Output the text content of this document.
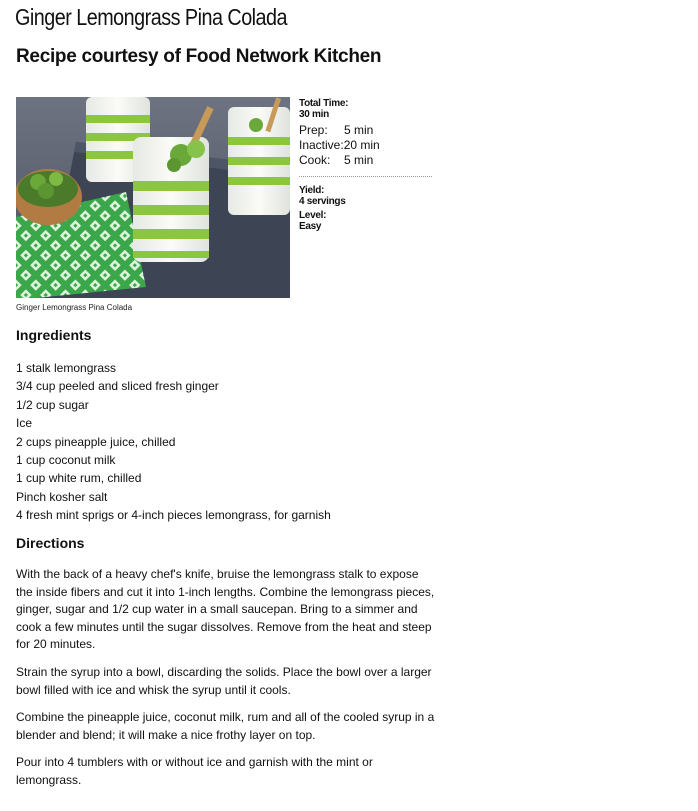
Ginger Lemongrass Pina Colada
Recipe courtesy of Food Network Kitchen
Ginger Lemongrass Pina Colada
Total Time:
30 min
Prep:	5 min
Inactive: 20 min
Cook:	5 min
Yield:
4 servings
Level:
Easy
Ingredients
1 stalk lemongrass
3/4 cup peeled and sliced fresh ginger
1/2 cup sugar
Ice
2 cups pineapple juice, chilled
1 cup coconut milk
1 cup white rum, chilled
Pinch kosher salt
4 fresh mint sprigs or 4-inch pieces lemongrass, for garnish
Directions

With the back of a heavy chef's knife, bruise the lemongrass stalk to expose the inside fibers and cut it into 1-inch lengths. Combine the lemongrass pieces, ginger, sugar and 1/2 cup water in a small saucepan. Bring to a simmer and cook a few minutes until the sugar dissolves. Remove from the heat and steep for 20 minutes.

Strain the syrup into a bowl, discarding the solids. Place the bowl over a larger bowl filled with ice and whisk the syrup until it cools.

Combine the pineapple juice, coconut milk, rum and all of the cooled syrup in a blender and blend; it will make a nice frothy layer on top.

Pour into 4 tumblers with or without ice and garnish with the mint or lemongrass.
